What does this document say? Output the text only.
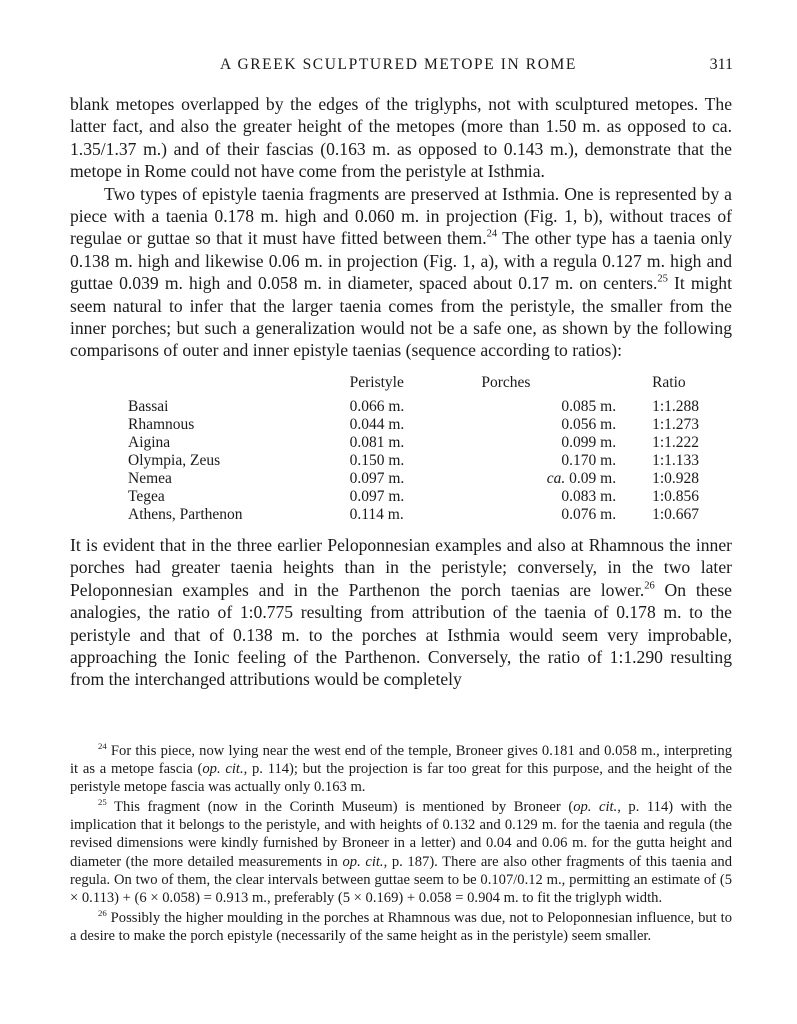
A GREEK SCULPTURED METOPE IN ROME	311

blank metopes overlapped by the edges of the triglyphs, not with sculptured metopes. The latter fact, and also the greater height of the metopes (more than 1.50 m. as opposed to ca. 1.35/1.37 m.) and of their fascias (0.163 m. as opposed to 0.143 m.), demonstrate that the metope in Rome could not have come from the peristyle at Isthmia.

Two types of epistyle taenia fragments are preserved at Isthmia. One is represented by a piece with a taenia 0.178 m. high and 0.060 m. in projection (Fig. 1, b), without traces of regulae or guttae so that it must have fitted between them.$^{24}$ The other type has a taenia only 0.138 m. high and likewise 0.06 m. in projection (Fig. 1, a), with a regula 0.127 m. high and guttae 0.039 m. high and 0.058 m. in diameter, spaced about 0.17 m. on centers.$^{25}$ It might seem natural to infer that the larger taenia comes from the peristyle, the smaller from the inner porches; but such a generalization would not be a safe one, as shown by the following comparisons of outer and inner epistyle taenias (sequence according to ratios):

	Peristyle	Porches	Ratio
Bassai	0.066 m.	0.085 m.	1:1.288
Rhamnous	0.044 m.	0.056 m.	1:1.273
Aigina	0.081 m.	0.099 m.	1:1.222
Olympia, Zeus	0.150 m.	0.170 m.	1:1.133
Nemea	0.097 m.	ca. 0.09 m.	1:0.928
Tegea	0.097 m.	0.083 m.	1:0.856
Athens, Parthenon	0.114 m.	0.076 m.	1:0.667

It is evident that in the three earlier Peloponnesian examples and also at Rhamnous the inner porches had greater taenia heights than in the peristyle; conversely, in the two later Peloponnesian examples and in the Parthenon the porch taenias are lower.$^{26}$ On these analogies, the ratio of 1:0.775 resulting from attribution of the taenia of 0.178 m. to the peristyle and that of 0.138 m. to the porches at Isthmia would seem very improbable, approaching the Ionic feeling of the Parthenon. Conversely, the ratio of 1:1.290 resulting from the interchanged attributions would be completely

$^{24}$ For this piece, now lying near the west end of the temple, Broneer gives 0.181 and 0.058 m., interpreting it as a metope fascia (op. cit., p. 114); but the projection is far too great for this purpose, and the height of the peristyle metope fascia was actually only 0.163 m.

$^{25}$ This fragment (now in the Corinth Museum) is mentioned by Broneer (op. cit., p. 114) with the implication that it belongs to the peristyle, and with heights of 0.132 and 0.129 m. for the taenia and regula (the revised dimensions were kindly furnished by Broneer in a letter) and 0.04 and 0.06 m. for the gutta height and diameter (the more detailed measurements in op. cit., p. 187). There are also other fragments of this taenia and regula. On two of them, the clear intervals between guttae seem to be 0.107/0.12 m., permitting an estimate of (5 × 0.113) + (6 × 0.058) = 0.913 m., preferably (5 × 0.169) + 0.058 = 0.904 m. to fit the triglyph width.

$^{26}$ Possibly the higher moulding in the porches at Rhamnous was due, not to Peloponnesian influence, but to a desire to make the porch epistyle (necessarily of the same height as in the peristyle) seem smaller.
